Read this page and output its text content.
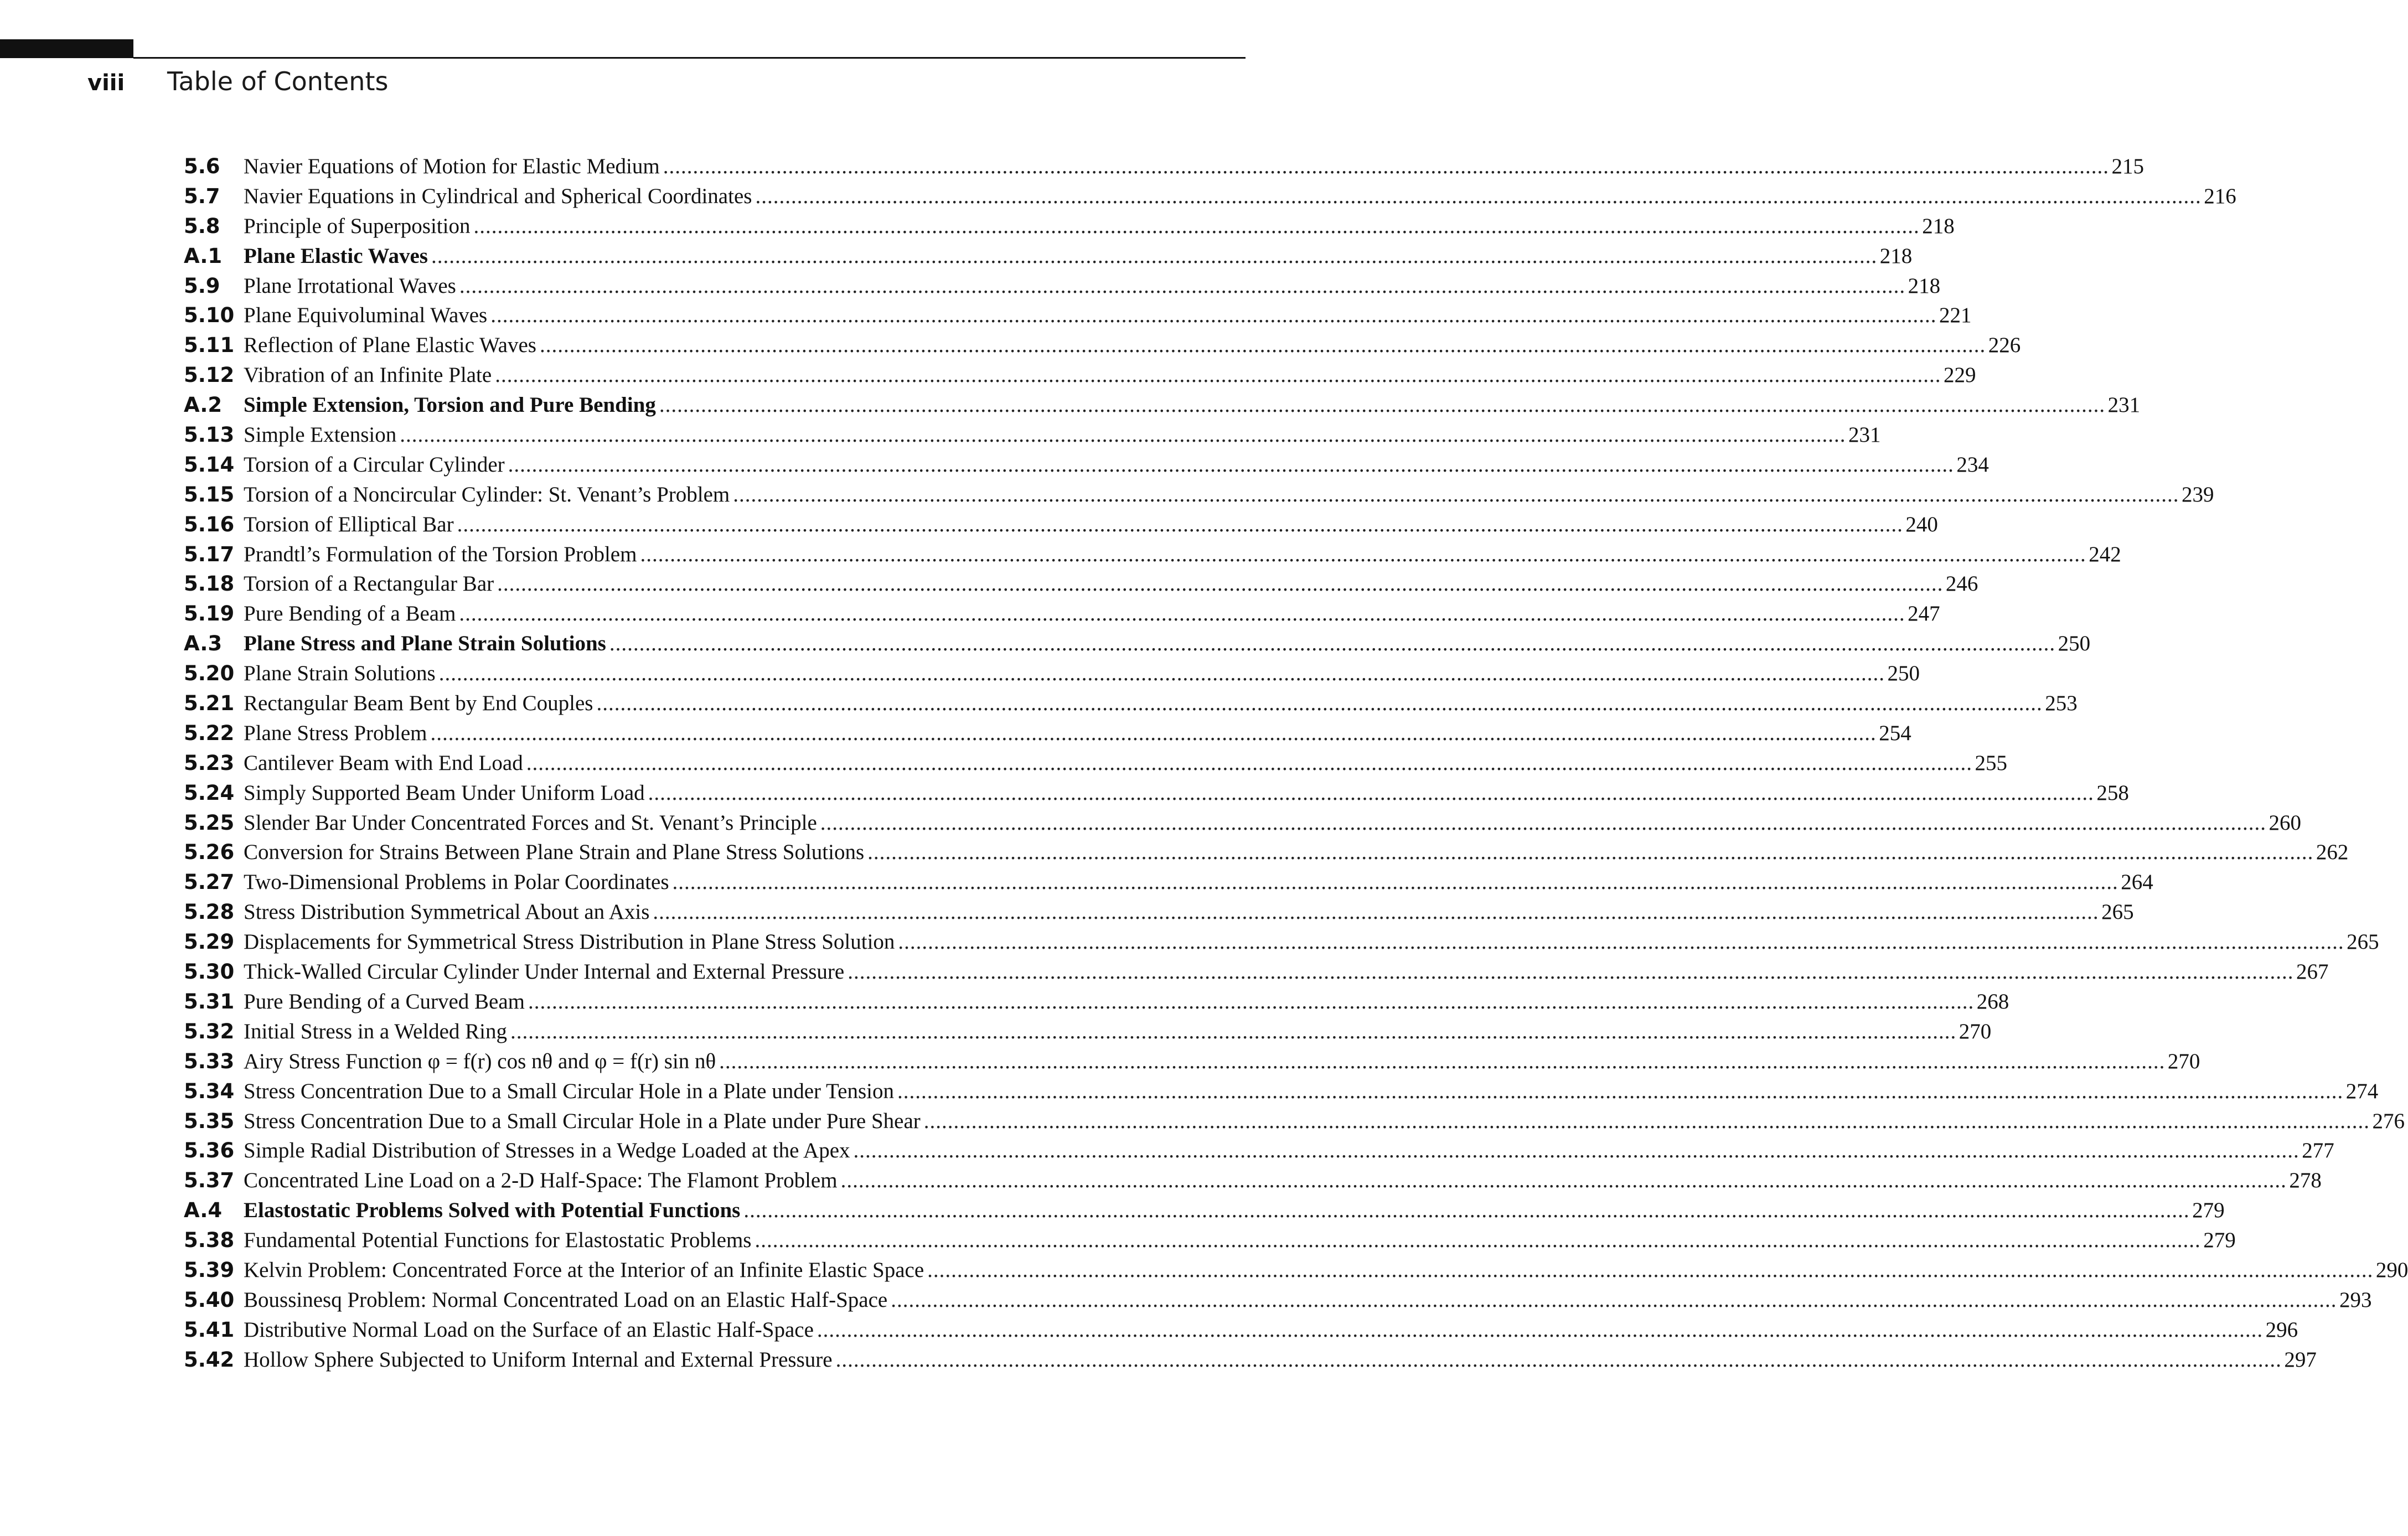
viii	Table of Contents
5.6	Navier Equations of Motion for Elastic Medium .....	215
5.7	Navier Equations in Cylindrical and Spherical Coordinates .....	216
5.8	Principle of Superposition .....	218
A.1 Plane Elastic Waves .....	218
5.9	Plane Irrotational Waves .....	218
5.10 Plane Equivoluminal Waves .....	221
5.11 Reflection of Plane Elastic Waves .....	226
5.12 Vibration of an Infinite Plate .....	229
A.2 Simple Extension, Torsion and Pure Bending .....	231
5.13 Simple Extension .....	231
5.14 Torsion of a Circular Cylinder .....	234
5.15 Torsion of a Noncircular Cylinder: St. Venant’s Problem .....	239
5.16 Torsion of Elliptical Bar .....	240
5.17 Prandtl’s Formulation of the Torsion Problem .....	242
5.18 Torsion of a Rectangular Bar .....	246
5.19 Pure Bending of a Beam .....	247
A.3 Plane Stress and Plane Strain Solutions .....	250
5.20 Plane Strain Solutions .....	250
5.21 Rectangular Beam Bent by End Couples .....	253
5.22 Plane Stress Problem .....	254
5.23 Cantilever Beam with End Load .....	255
5.24 Simply Supported Beam Under Uniform Load .....	258
5.25 Slender Bar Under Concentrated Forces and St. Venant’s Principle .....	260
5.26 Conversion for Strains Between Plane Strain and Plane Stress Solutions .....	262
5.27 Two-Dimensional Problems in Polar Coordinates .....	264
5.28 Stress Distribution Symmetrical About an Axis .....	265
5.29 Displacements for Symmetrical Stress Distribution in Plane Stress Solution .....	265
5.30 Thick-Walled Circular Cylinder Under Internal and External Pressure .....	267
5.31 Pure Bending of a Curved Beam .....	268
5.32 Initial Stress in a Welded Ring .....	270
5.33 Airy Stress Function φ = f(r) cos nθ and φ = f(r) sin nθ .....	270
5.34 Stress Concentration Due to a Small Circular Hole in a Plate under Tension .....	274
5.35 Stress Concentration Due to a Small Circular Hole in a Plate under Pure Shear .....	276
5.36 Simple Radial Distribution of Stresses in a Wedge Loaded at the Apex .....	277
5.37 Concentrated Line Load on a 2-D Half-Space: The Flamont Problem .....	278
A.4 Elastostatic Problems Solved with Potential Functions .....	279
5.38 Fundamental Potential Functions for Elastostatic Problems .....	279
5.39 Kelvin Problem: Concentrated Force at the Interior of an Infinite Elastic Space .....	290
5.40 Boussinesq Problem: Normal Concentrated Load on an Elastic Half-Space .....	293
5.41 Distributive Normal Load on the Surface of an Elastic Half-Space .....	296
5.42 Hollow Sphere Subjected to Uniform Internal and External Pressure .....	297
